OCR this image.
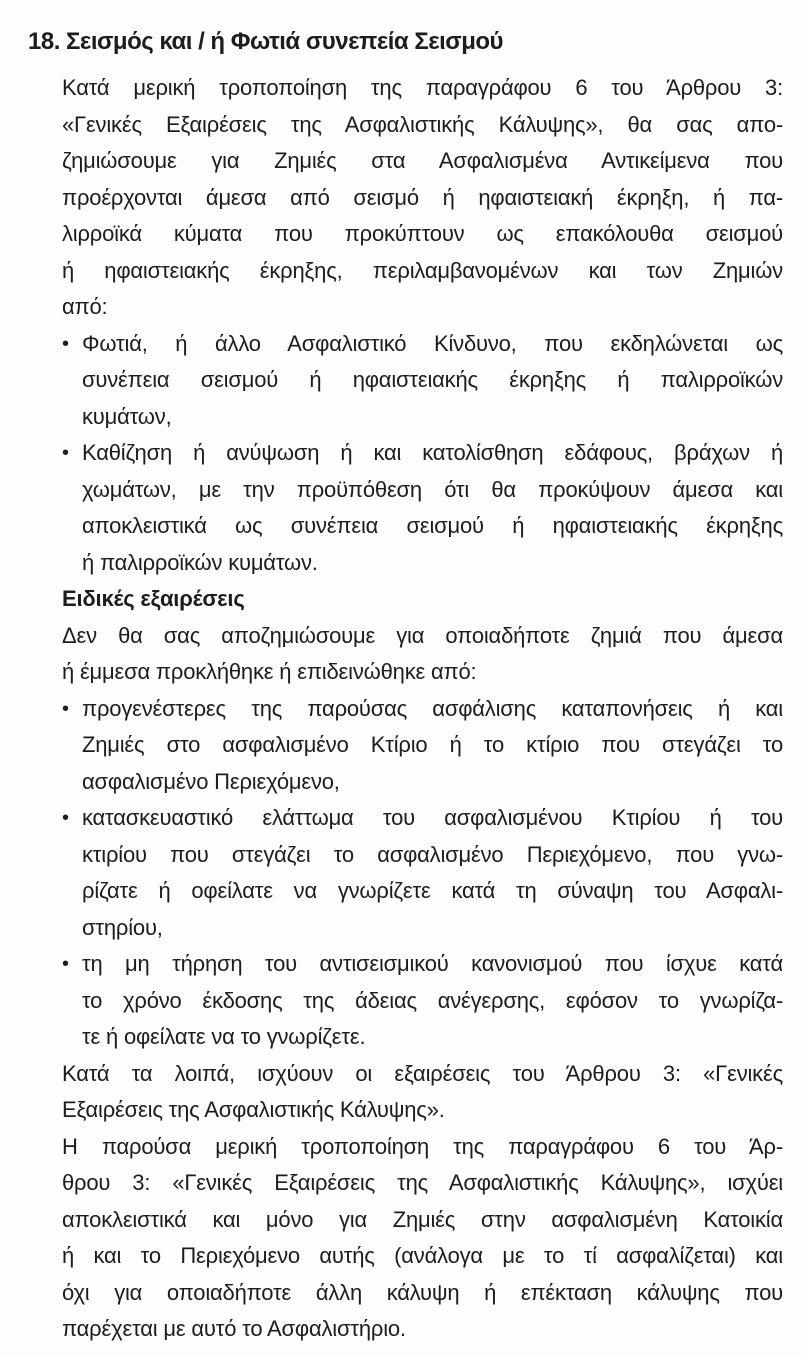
18. Σεισμός και / ή Φωτιά συνεπεία Σεισμού
Κατά μερική τροποποίηση της παραγράφου 6 του Άρθρου 3:
«Γενικές Εξαιρέσεις της Ασφαλιστικής Κάλυψης», θα σας απο-
ζημιώσουμε για Ζημιές στα Ασφαλισμένα Αντικείμενα που
προέρχονται άμεσα από σεισμό ή ηφαιστειακή έκρηξη, ή πα-
λιρροϊκά κύματα που προκύπτουν ως επακόλουθα σεισμού
ή ηφαιστειακής έκρηξης, περιλαμβανομένων και των Ζημιών
από:
• Φωτιά, ή άλλο Ασφαλιστικό Κίνδυνο, που εκδηλώνεται ως
συνέπεια σεισμού ή ηφαιστειακής έκρηξης ή παλιρροϊκών
κυμάτων,
• Καθίζηση ή ανύψωση ή και κατολίσθηση εδάφους, βράχων ή
χωμάτων, με την προϋπόθεση ότι θα προκύψουν άμεσα και
αποκλειστικά ως συνέπεια σεισμού ή ηφαιστειακής έκρηξης
ή παλιρροϊκών κυμάτων.
Ειδικές εξαιρέσεις
Δεν θα σας αποζημιώσουμε για οποιαδήποτε ζημιά που άμεσα
ή έμμεσα προκλήθηκε ή επιδεινώθηκε από:
• προγενέστερες της παρούσας ασφάλισης καταπονήσεις ή και
Ζημιές στο ασφαλισμένο Κτίριο ή το κτίριο που στεγάζει το
ασφαλισμένο Περιεχόμενο,
• κατασκευαστικό ελάττωμα του ασφαλισμένου Κτιρίου ή του
κτιρίου που στεγάζει το ασφαλισμένο Περιεχόμενο, που γνω-
ρίζατε ή οφείλατε να γνωρίζετε κατά τη σύναψη του Ασφαλι-
στηρίου,
• τη μη τήρηση του αντισεισμικού κανονισμού που ίσχυε κατά
το χρόνο έκδοσης της άδειας ανέγερσης, εφόσον το γνωρίζα-
τε ή οφείλατε να το γνωρίζετε.
Κατά τα λοιπά, ισχύουν οι εξαιρέσεις του Άρθρου 3: «Γενικές
Εξαιρέσεις της Ασφαλιστικής Κάλυψης».
Η παρούσα μερική τροποποίηση της παραγράφου 6 του Άρ-
θρου 3: «Γενικές Εξαιρέσεις της Ασφαλιστικής Κάλυψης», ισχύει
αποκλειστικά και μόνο για Ζημιές στην ασφαλισμένη Κατοικία
ή και το Περιεχόμενο αυτής (ανάλογα με το τί ασφαλίζεται) και
όχι για οποιαδήποτε άλλη κάλυψη ή επέκταση κάλυψης που
παρέχεται με αυτό το Ασφαλιστήριο.
